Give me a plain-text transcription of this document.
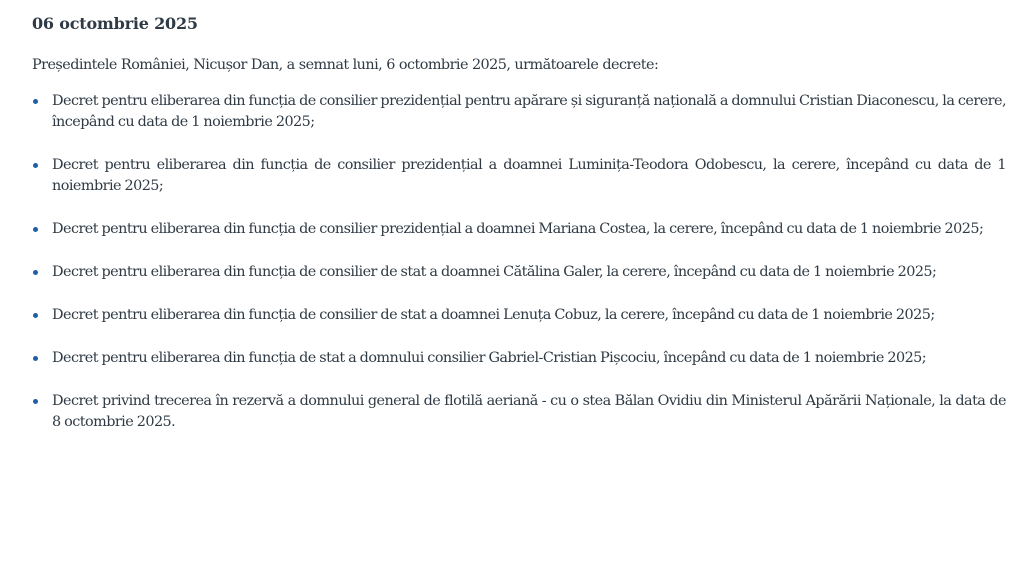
06 octombrie 2025

Președintele României, Nicușor Dan, a semnat luni, 6 octombrie 2025, următoarele decrete:

Decret pentru eliberarea din funcția de consilier prezidențial pentru apărare și siguranță națională a domnului Cristian Diaconescu, la cerere, începând cu data de 1 noiembrie 2025;
Decret pentru eliberarea din funcția de consilier prezidențial a doamnei Luminița-Teodora Odobescu, la cerere, începând cu data de 1 noiembrie 2025;
Decret pentru eliberarea din funcția de consilier prezidențial a doamnei Mariana Costea, la cerere, începând cu data de 1 noiembrie 2025;
Decret pentru eliberarea din funcția de consilier de stat a doamnei Cătălina Galer, la cerere, începând cu data de 1 noiembrie 2025;
Decret pentru eliberarea din funcția de consilier de stat a doamnei Lenuța Cobuz, la cerere, începând cu data de 1 noiembrie 2025;
Decret pentru eliberarea din funcția de stat a domnului consilier Gabriel-Cristian Pișcociu, începând cu data de 1 noiembrie 2025;
Decret privind trecerea în rezervă a domnului general de flotilă aeriană - cu o stea Bălan Ovidiu din Ministerul Apărării Naționale, la data de 8 octombrie 2025.
